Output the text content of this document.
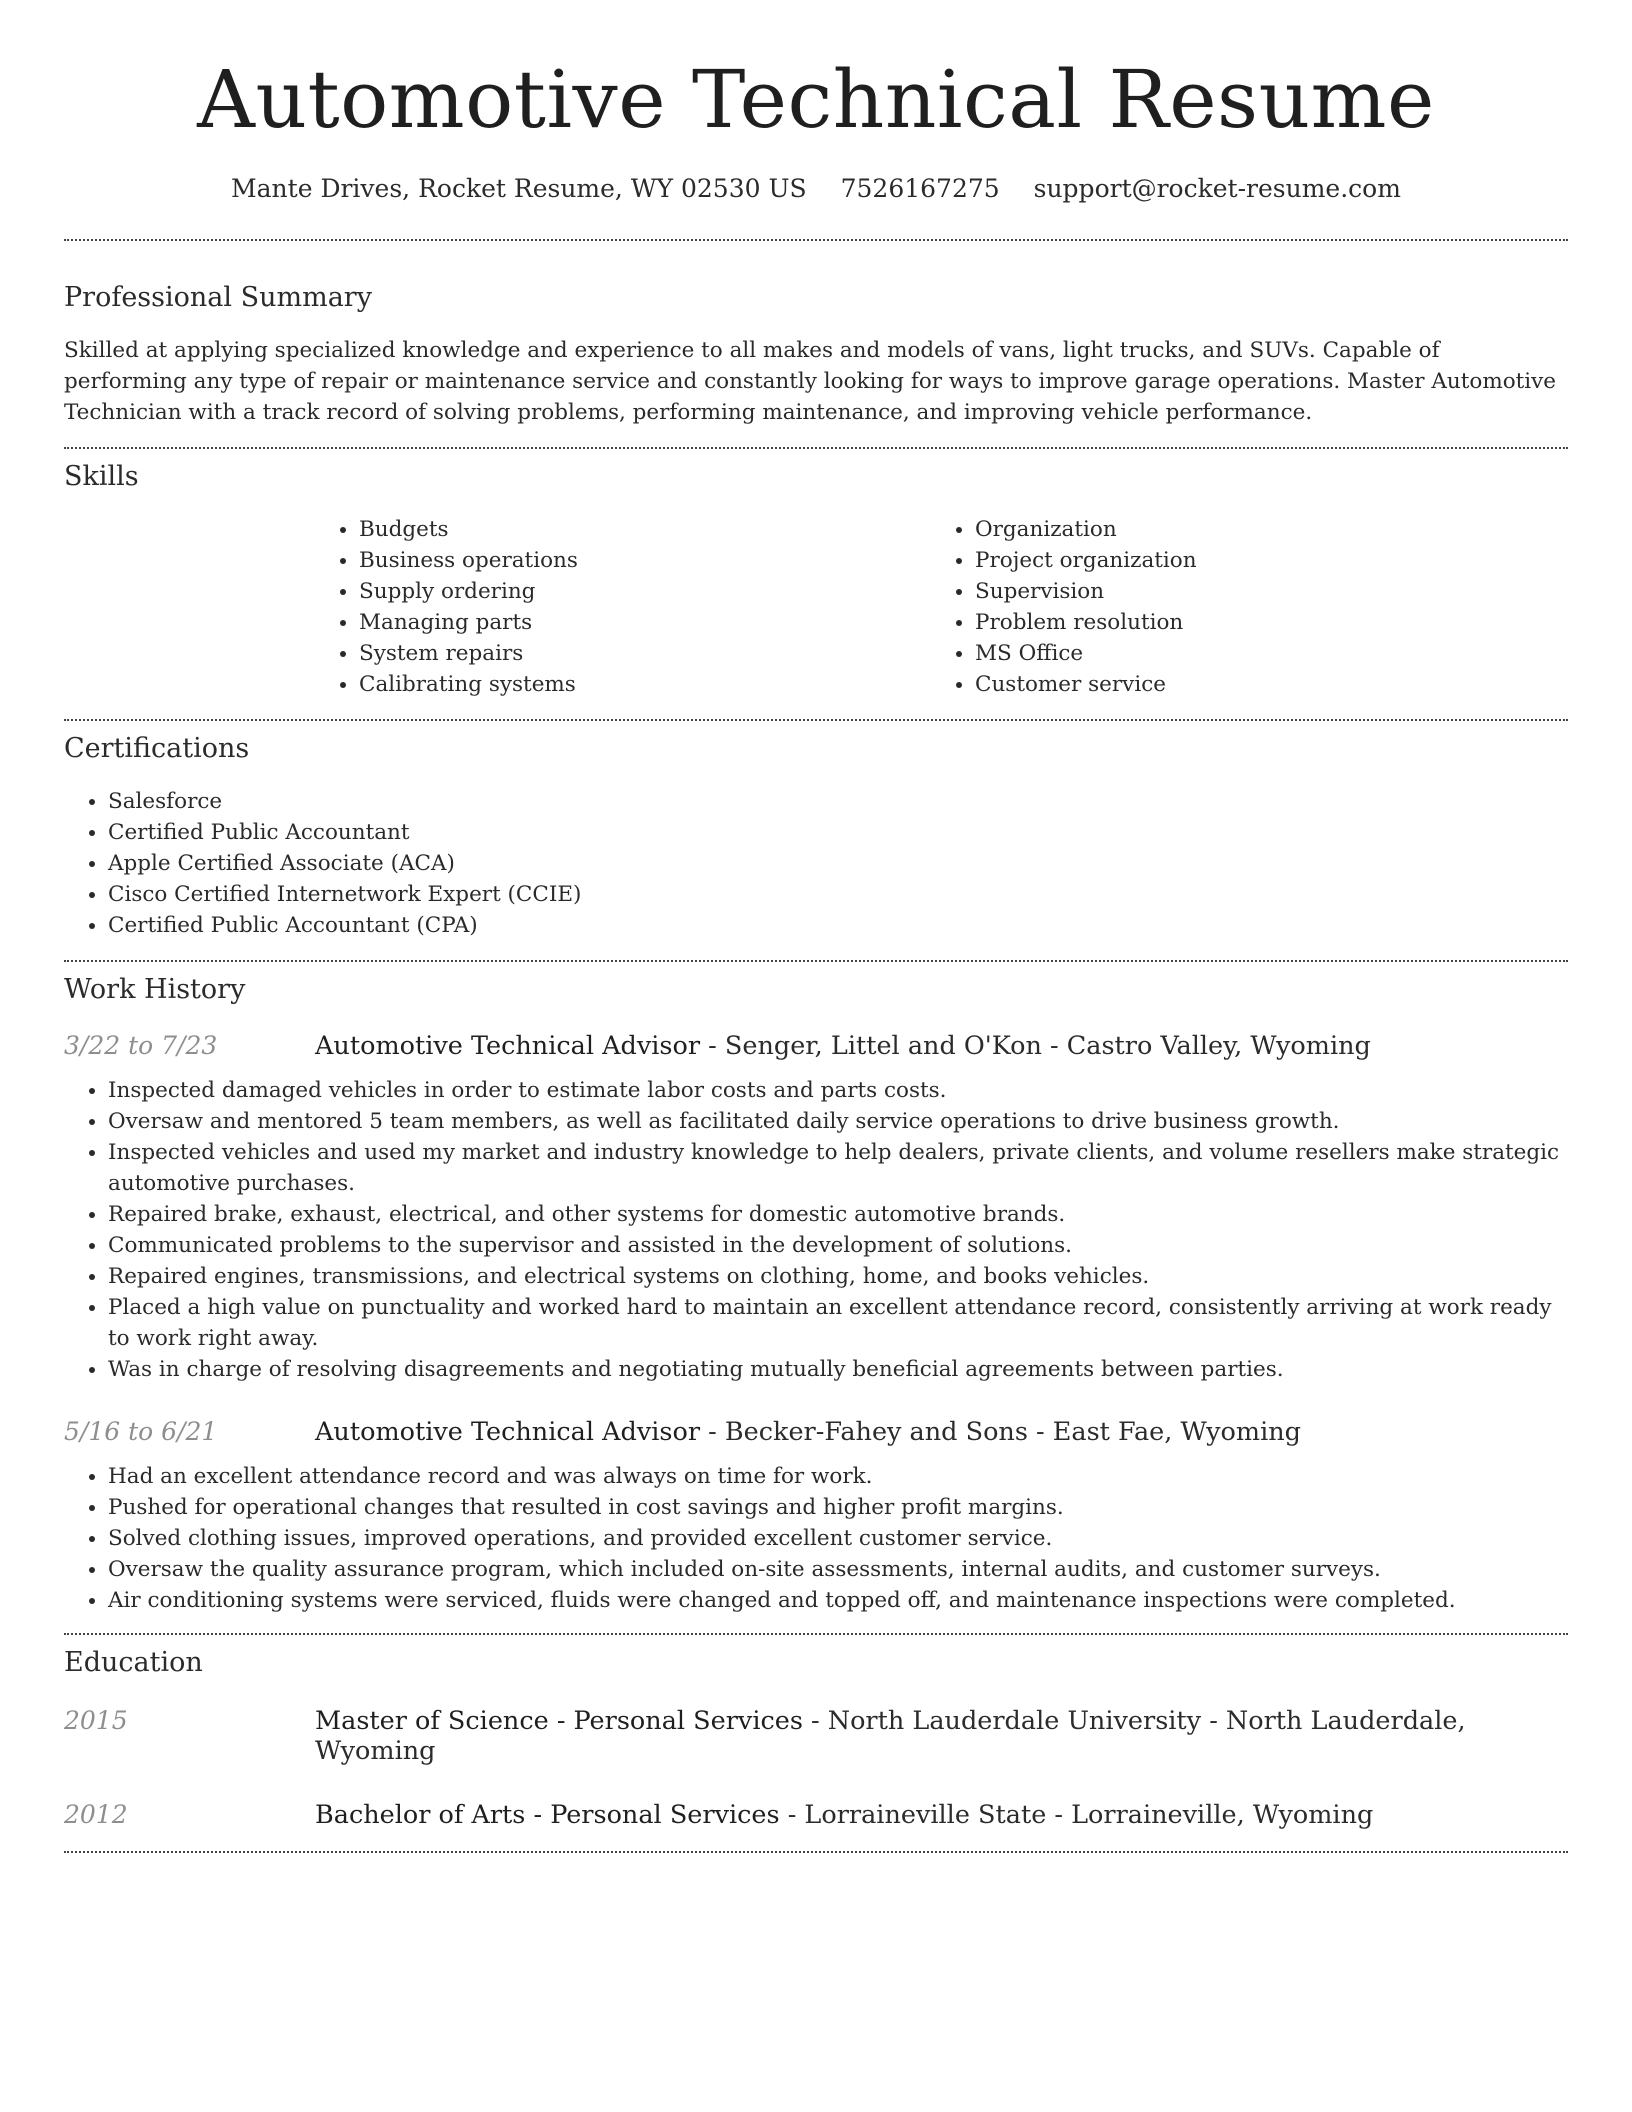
Automotive Technical Resume
Mante Drives, Rocket Resume, WY 02530 US 7526167275 support@rocket-resume.com
Professional Summary

Skilled at applying specialized knowledge and experience to all makes and models of vans, light trucks, and SUVs. Capable of performing any type of repair or maintenance service and constantly looking for ways to improve garage operations. Master Automotive Technician with a track record of solving problems, performing maintenance, and improving vehicle performance.

Skills
• Budgets
• Business operations
• Supply ordering
• Managing parts
• System repairs
• Calibrating systems
• Organization
• Project organization
• Supervision
• Problem resolution
• MS Office
• Customer service
Certifications
• Salesforce
• Certified Public Accountant
• Apple Certified Associate (ACA)
• Cisco Certified Internetwork Expert (CCIE)
• Certified Public Accountant (CPA)
Work History
3/22 to 7/23	Automotive Technical Advisor - Senger, Littel and O'Kon - Castro Valley, Wyoming
• Inspected damaged vehicles in order to estimate labor costs and parts costs.
• Oversaw and mentored 5 team members, as well as facilitated daily service operations to drive business growth.
• Inspected vehicles and used my market and industry knowledge to help dealers, private clients, and volume resellers make strategic automotive purchases.
• Repaired brake, exhaust, electrical, and other systems for domestic automotive brands.
• Communicated problems to the supervisor and assisted in the development of solutions.
• Repaired engines, transmissions, and electrical systems on clothing, home, and books vehicles.
• Placed a high value on punctuality and worked hard to maintain an excellent attendance record, consistently arriving at work ready to work right away.
• Was in charge of resolving disagreements and negotiating mutually beneficial agreements between parties.
5/16 to 6/21	Automotive Technical Advisor - Becker-Fahey and Sons - East Fae, Wyoming
• Had an excellent attendance record and was always on time for work.
• Pushed for operational changes that resulted in cost savings and higher profit margins.
• Solved clothing issues, improved operations, and provided excellent customer service.
• Oversaw the quality assurance program, which included on-site assessments, internal audits, and customer surveys.
• Air conditioning systems were serviced, fluids were changed and topped off, and maintenance inspections were completed.
Education
2015	Master of Science - Personal Services - North Lauderdale University - North Lauderdale, Wyoming
2012	Bachelor of Arts - Personal Services - Lorraineville State - Lorraineville, Wyoming
